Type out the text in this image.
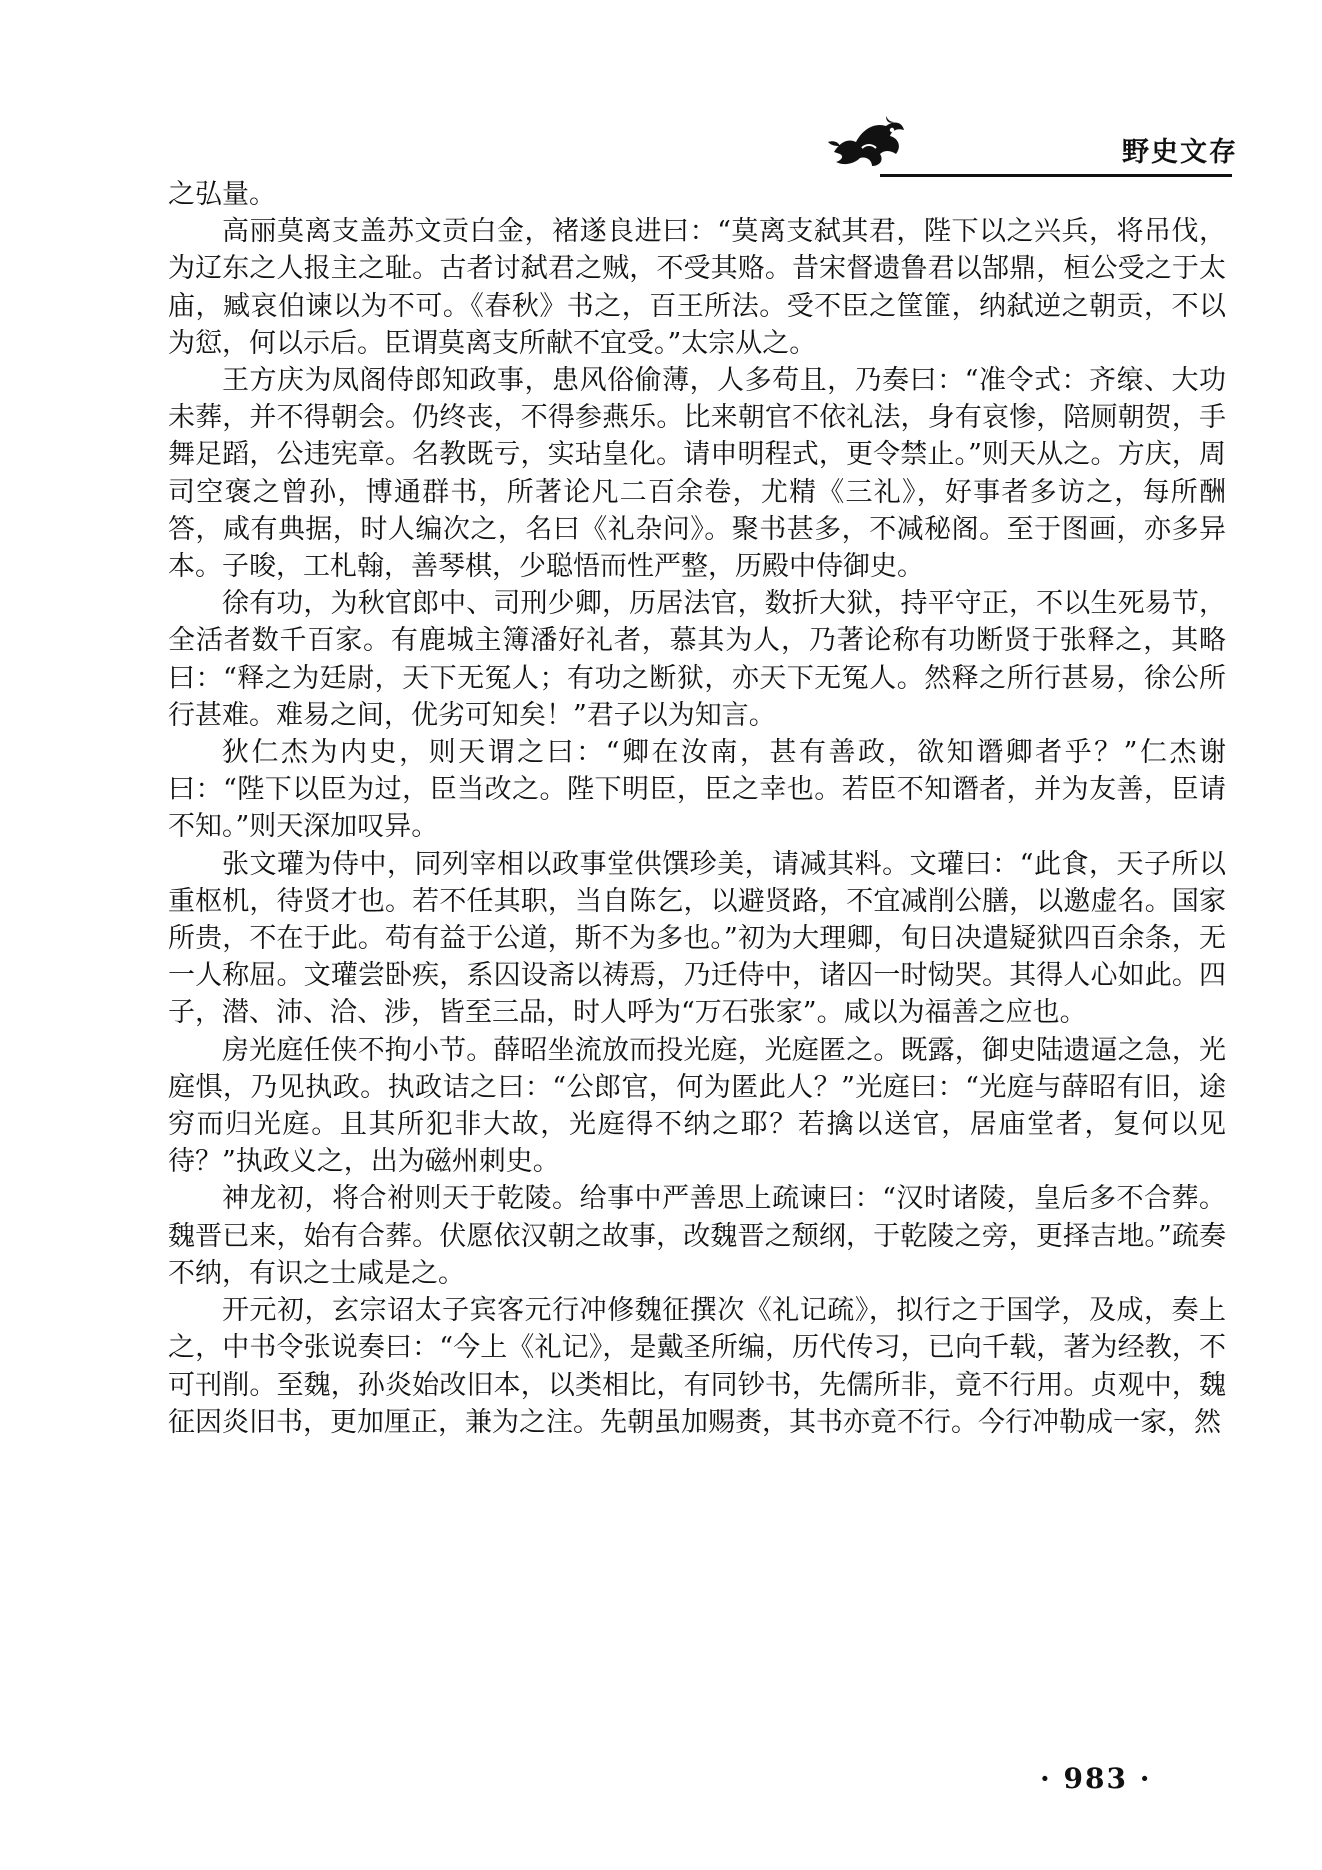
野史文存

之弘量。

高丽莫离支盖苏文贡白金，褚遂良进曰：“莫离支弑其君，陛下以之兴兵，将吊伐，为辽东之人报主之耻。古者讨弑君之贼，不受其赂。昔宋督遗鲁君以郜鼎，桓公受之于太庙，臧哀伯谏以为不可。《春秋》书之，百王所法。受不臣之筐篚，纳弑逆之朝贡，不以为愆，何以示后。臣谓莫离支所献不宜受。”太宗从之。

王方庆为凤阁侍郎知政事，患风俗偷薄，人多苟且，乃奏曰：“准令式：齐缞、大功未葬，并不得朝会。仍终丧，不得参燕乐。比来朝官不依礼法，身有哀惨，陪厕朝贺，手舞足蹈，公违宪章。名教既亏，实玷皇化。请申明程式，更令禁止。”则天从之。方庆，周司空褒之曾孙，博通群书，所著论凡二百余卷，尤精《三礼》，好事者多访之，每所酬答，咸有典据，时人编次之，名曰《礼杂问》。聚书甚多，不减秘阁。至于图画，亦多异本。子晙，工札翰，善琴棋，少聪悟而性严整，历殿中侍御史。

徐有功，为秋官郎中、司刑少卿，历居法官，数折大狱，持平守正，不以生死易节，全活者数千百家。有鹿城主簿潘好礼者，慕其为人，乃著论称有功断贤于张释之，其略曰：“释之为廷尉，天下无冤人；有功之断狱，亦天下无冤人。然释之所行甚易，徐公所行甚难。难易之间，优劣可知矣！”君子以为知言。

狄仁杰为内史，则天谓之曰：“卿在汝南，甚有善政，欲知谮卿者乎？”仁杰谢曰：“陛下以臣为过，臣当改之。陛下明臣，臣之幸也。若臣不知谮者，并为友善，臣请不知。”则天深加叹异。

张文瓘为侍中，同列宰相以政事堂供馔珍美，请减其料。文瓘曰：“此食，天子所以重枢机，待贤才也。若不任其职，当自陈乞，以避贤路，不宜减削公膳，以邀虚名。国家所贵，不在于此。苟有益于公道，斯不为多也。”初为大理卿，旬日决遣疑狱四百余条，无一人称屈。文瓘尝卧疾，系囚设斋以祷焉，乃迁侍中，诸囚一时恸哭。其得人心如此。四子，潜、沛、洽、涉，皆至三品，时人呼为“万石张家”。咸以为福善之应也。

房光庭任侠不拘小节。薛昭坐流放而投光庭，光庭匿之。既露，御史陆遗逼之急，光庭惧，乃见执政。执政诘之曰：“公郎官，何为匿此人？”光庭曰：“光庭与薛昭有旧，途穷而归光庭。且其所犯非大故，光庭得不纳之耶？若擒以送官，居庙堂者，复何以见待？”执政义之，出为磁州刺史。

神龙初，将合祔则天于乾陵。给事中严善思上疏谏曰：“汉时诸陵，皇后多不合葬。魏晋已来，始有合葬。伏愿依汉朝之故事，改魏晋之颓纲，于乾陵之旁，更择吉地。”疏奏不纳，有识之士咸是之。

开元初，玄宗诏太子宾客元行冲修魏征撰次《礼记疏》，拟行之于国学，及成，奏上之，中书令张说奏曰：“今上《礼记》，是戴圣所编，历代传习，已向千载，著为经教，不可刊削。至魏，孙炎始改旧本，以类相比，有同钞书，先儒所非，竟不行用。贞观中，魏征因炎旧书，更加厘正，兼为之注。先朝虽加赐赉，其书亦竟不行。今行冲勒成一家，然

· 983 ·
